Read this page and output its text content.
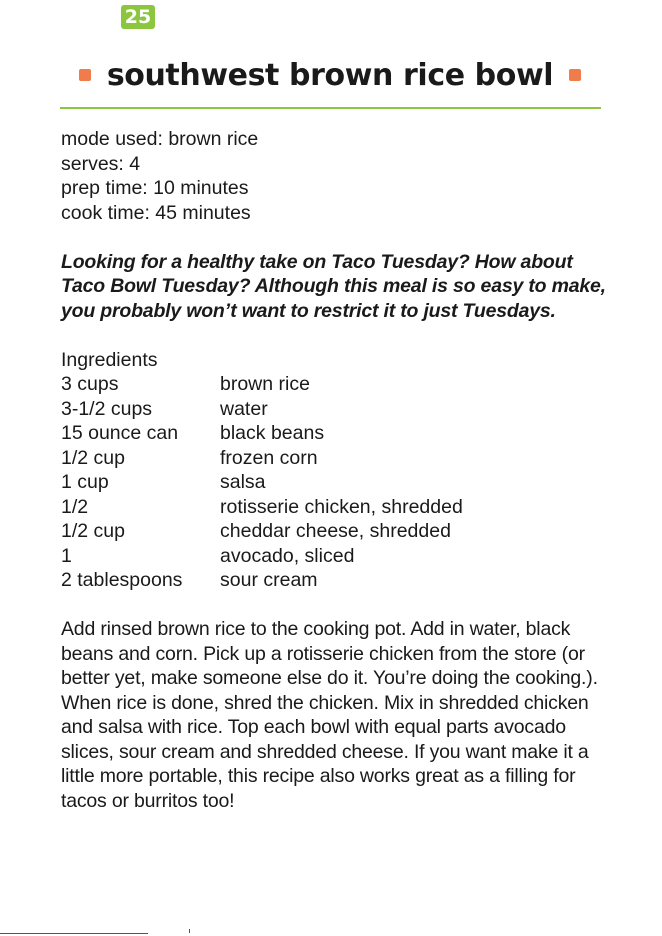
25
southwest brown rice bowl
mode used: brown rice
serves: 4
prep time: 10 minutes
cook time: 45 minutes

Looking for a healthy take on Taco Tuesday? How about Taco Bowl Tuesday? Although this meal is so easy to make, you probably won’t want to restrict it to just Tuesdays.

Ingredients
3 cups	brown rice
3-1/2 cups	water
15 ounce can	black beans
1/2 cup	frozen corn
1 cup	salsa
1/2	rotisserie chicken, shredded
1/2 cup	cheddar cheese, shredded
1	avocado, sliced
2 tablespoons	sour cream

Add rinsed brown rice to the cooking pot. Add in water, black beans and corn. Pick up a rotisserie chicken from the store (or better yet, make someone else do it. You’re doing the cooking.). When rice is done, shred the chicken. Mix in shredded chicken and salsa with rice. Top each bowl with equal parts avocado slices, sour cream and shredded cheese. If you want make it a little more portable, this recipe also works great as a filling for tacos or burritos too!
